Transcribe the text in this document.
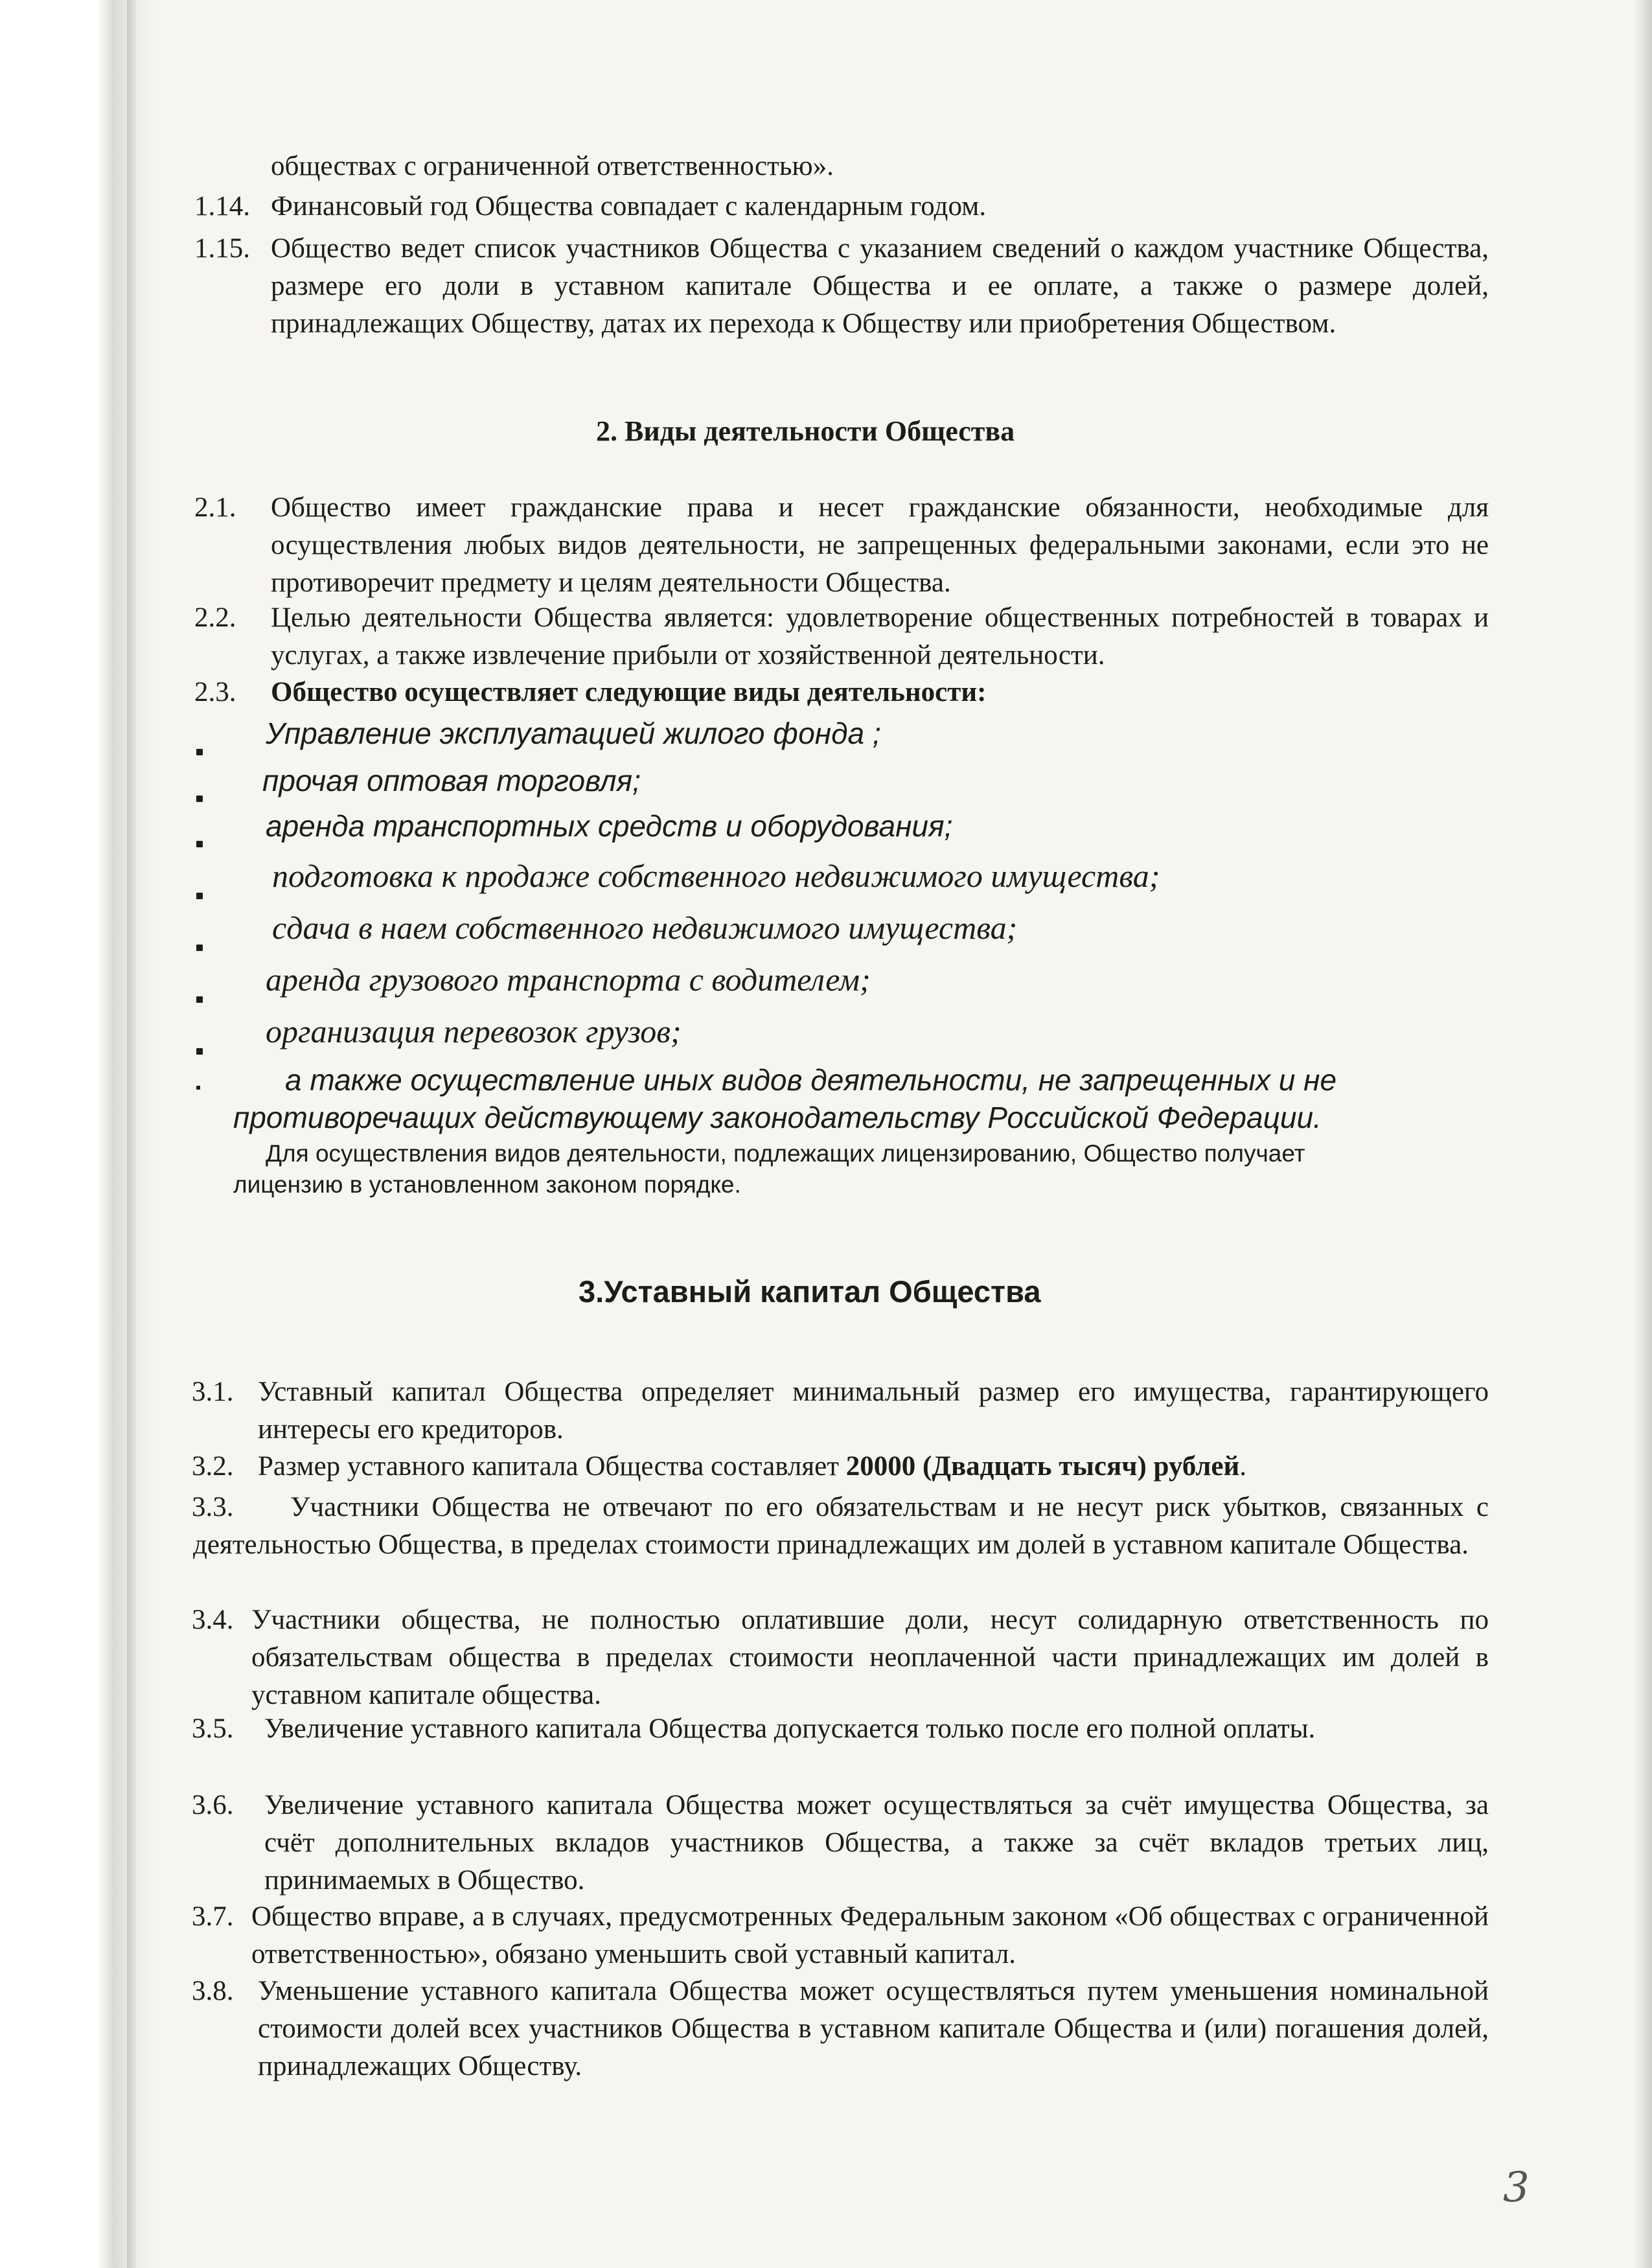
обществах с ограниченной ответственностью».

1.14. Финансовый год Общества совпадает с календарным годом.

1.15. Общество ведет список участников Общества с указанием сведений о каждом участнике Общества, размере его доли в уставном капитале Общества и ее оплате, а также о размере долей, принадлежащих Обществу, датах их перехода к Обществу или приобретения Обществом.

2. Виды деятельности Общества
2.1. Общество имеет гражданские права и несет гражданские обязанности, необходимые для осуществления любых видов деятельности, не запрещенных федеральными законами, если это не противоречит предмету и целям деятельности Общества.

2.2. Целью деятельности Общества является: удовлетворение общественных потребностей в товарах и услугах, а также извлечение прибыли от хозяйственной деятельности.

2.3. Общество осуществляет следующие виды деятельности:

Управление эксплуатацией жилого фонда ;
прочая оптовая торговля;
аренда транспортных средств и оборудования;
подготовка к продаже собственного недвижимого имущества;
сдача в наем собственного недвижимого имущества;
аренда грузового транспорта с водителем;
организация перевозок грузов;
а также осуществление иных видов деятельности, не запрещенных и не
противоречащих действующему законодательству Российской Федерации.
Для осуществления видов деятельности, подлежащих лицензированию, Общество получает
лицензию в установленном законом порядке.
3.Уставный капитал Общества
3.1. Уставный капитал Общества определяет минимальный размер его имущества, гарантирующего интересы его кредиторов.

3.2. Размер уставного капитала Общества составляет 20000 (Двадцать тысяч) рублей.

3.3.	Участники Общества не отвечают по его обязательствам и не несут риск убытков, связанных с деятельностью Общества, в пределах стоимости принадлежащих им долей в уставном капитале Общества.

3.4. Участники общества, не полностью оплатившие доли, несут солидарную ответственность по обязательствам общества в пределах стоимости неоплаченной части принадлежащих им долей в уставном капитале общества.

3.5. Увеличение уставного капитала Общества допускается только после его полной оплаты.

3.6. Увеличение уставного капитала Общества может осуществляться за счёт имущества Общества, за счёт дополнительных вкладов участников Общества, а также за счёт вкладов третьих лиц, принимаемых в Общество.

3.7. Общество вправе, а в случаях, предусмотренных Федеральным законом «Об обществах с ограниченной ответственностью», обязано уменьшить свой уставный капитал.

3.8. Уменьшение уставного капитала Общества может осуществляться путем уменьшения номинальной стоимости долей всех участников Общества в уставном капитале Общества и (или) погашения долей, принадлежащих Обществу.

3
